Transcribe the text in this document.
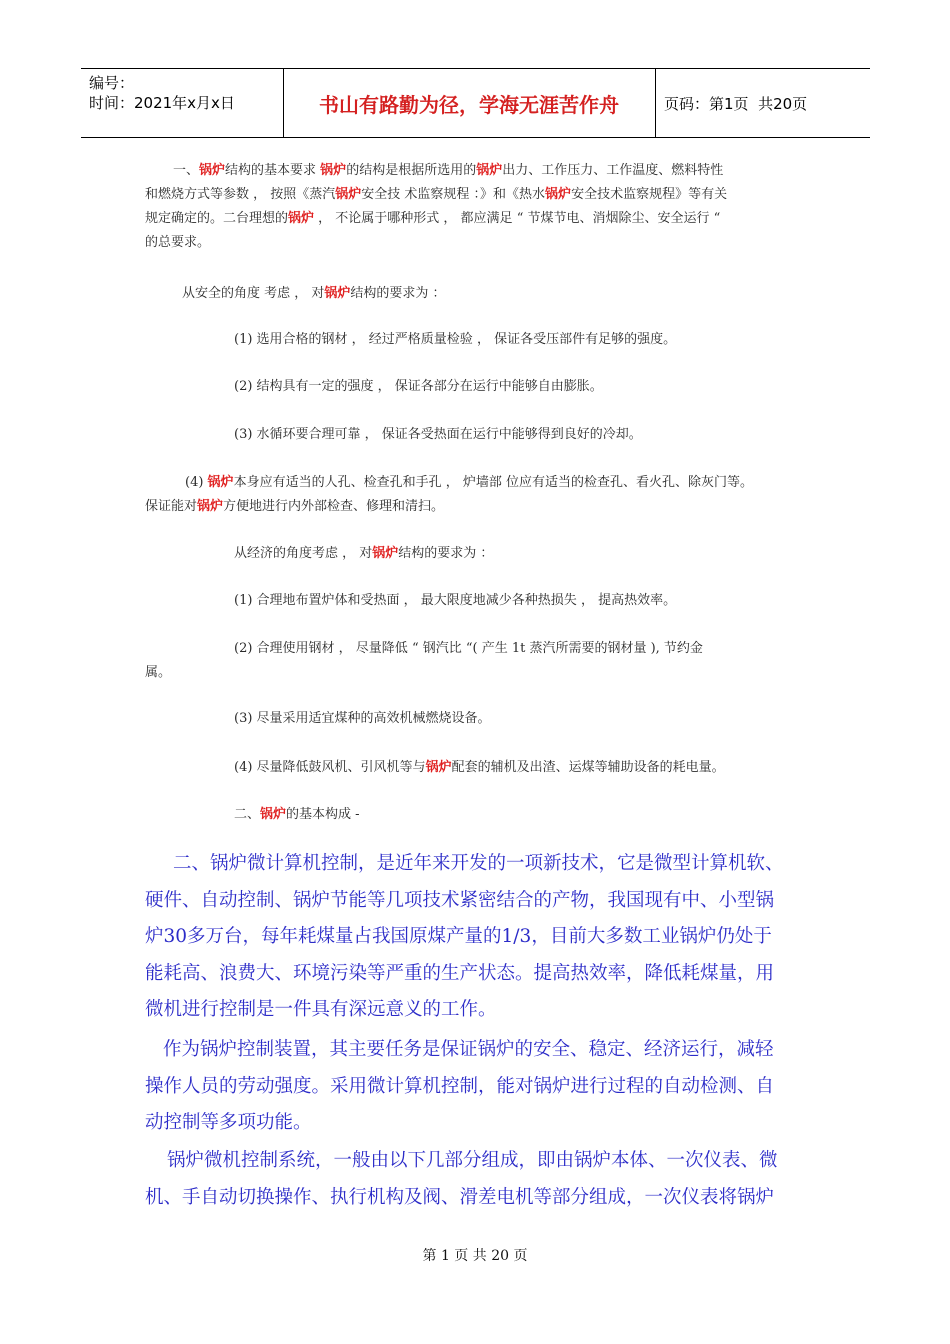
编号：
时间：2021年x月x日	书山有路勤为径，学海无涯苦作舟	页码：第1页  共20页

一、锅炉结构的基本要求 锅炉的结构是根据所选用的锅炉出力、工作压力、工作温度、燃料特性

和燃烧方式等参数 ， 按照《蒸汽锅炉安全技 术监察规程 ：》和《热水锅炉安全技术监察规程》等有关

规定确定的。二台理想的锅炉 ， 不论属于哪种形式 ， 都应满足 “ 节煤节电、消烟除尘、安全运行 “

的总要求。

从安全的角度 考虑 ， 对锅炉结构的要求为 ：

(1) 选用合格的钢材 ， 经过严格质量检验 ， 保证各受压部件有足够的强度。

(2) 结构具有一定的强度 ， 保证各部分在运行中能够自由膨胀。

(3) 水循环要合理可靠 ， 保证各受热面在运行中能够得到良好的冷却。

(4) 锅炉本身应有适当的人孔、检查孔和手孔 ， 炉墙部 位应有适当的检查孔、看火孔、除灰门等。

保证能对锅炉方便地进行内外部检查、修理和清扫。

从经济的角度考虑 ， 对锅炉结构的要求为 ：

(1) 合理地布置炉体和受热面 ， 最大限度地减少各种热损失 ， 提高热效率。

(2) 合理使用钢材 ， 尽量降低 “ 钢汽比 “( 产生 1t 蒸汽所需要的钢材量 ), 节约金

属。

(3) 尽量采用适宜煤种的高效机械燃烧设备。

(4) 尽量降低鼓风机、引风机等与锅炉配套的辅机及出渣、运煤等辅助设备的耗电量。

二、锅炉的基本构成 -

二、锅炉微计算机控制，是近年来开发的一项新技术，它是微型计算机软、

硬件、自动控制、锅炉节能等几项技术紧密结合的产物，我国现有中、小型锅

炉30多万台，每年耗煤量占我国原煤产量的1/3，目前大多数工业锅炉仍处于

能耗高、浪费大、环境污染等严重的生产状态。提高热效率，降低耗煤量，用

微机进行控制是一件具有深远意义的工作。

作为锅炉控制装置，其主要任务是保证锅炉的安全、稳定、经济运行，减轻

操作人员的劳动强度。采用微计算机控制，能对锅炉进行过程的自动检测、自

动控制等多项功能。

锅炉微机控制系统，一般由以下几部分组成，即由锅炉本体、一次仪表、微

机、手自动切换操作、执行机构及阀、滑差电机等部分组成，一次仪表将锅炉

第 1 页 共 20 页
